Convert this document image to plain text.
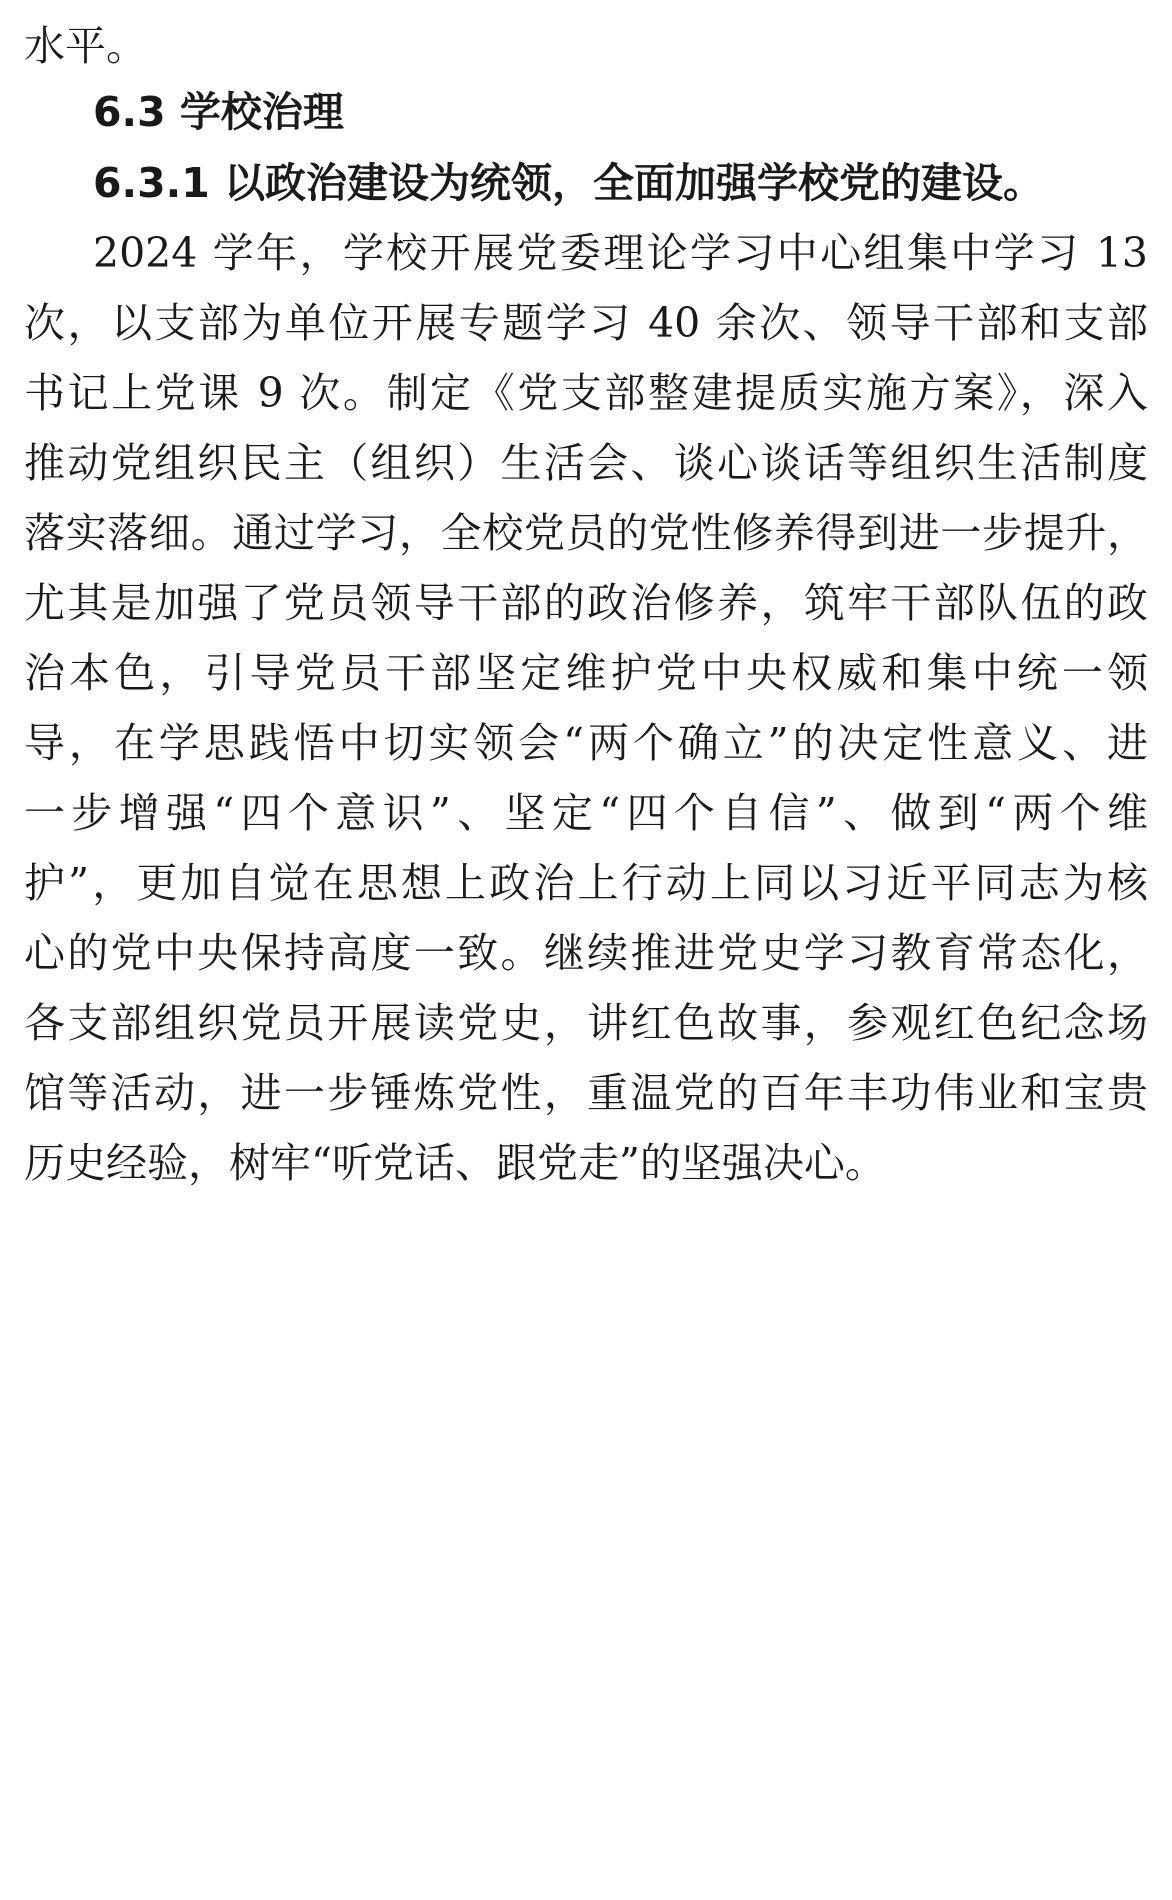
水平。
6.3 学校治理
6.3.1 以政治建设为统领，全面加强学校党的建设。
2024 学年，学校开展党委理论学习中心组集中学习 13
次，以支部为单位开展专题学习 40 余次、领导干部和支部
书记上党课 9 次。制定《党支部整建提质实施方案》，深入
推动党组织民主（组织）生活会、谈心谈话等组织生活制度
落实落细。通过学习，全校党员的党性修养得到进一步提升，
尤其是加强了党员领导干部的政治修养，筑牢干部队伍的政
治本色，引导党员干部坚定维护党中央权威和集中统一领
导，在学思践悟中切实领会“两个确立”的决定性意义、进
一步增强“四个意识”、坚定“四个自信”、做到“两个维
护”，更加自觉在思想上政治上行动上同以习近平同志为核
心的党中央保持高度一致。继续推进党史学习教育常态化，
各支部组织党员开展读党史，讲红色故事，参观红色纪念场
馆等活动，进一步锤炼党性，重温党的百年丰功伟业和宝贵
历史经验，树牢“听党话、跟党走”的坚强决心。
